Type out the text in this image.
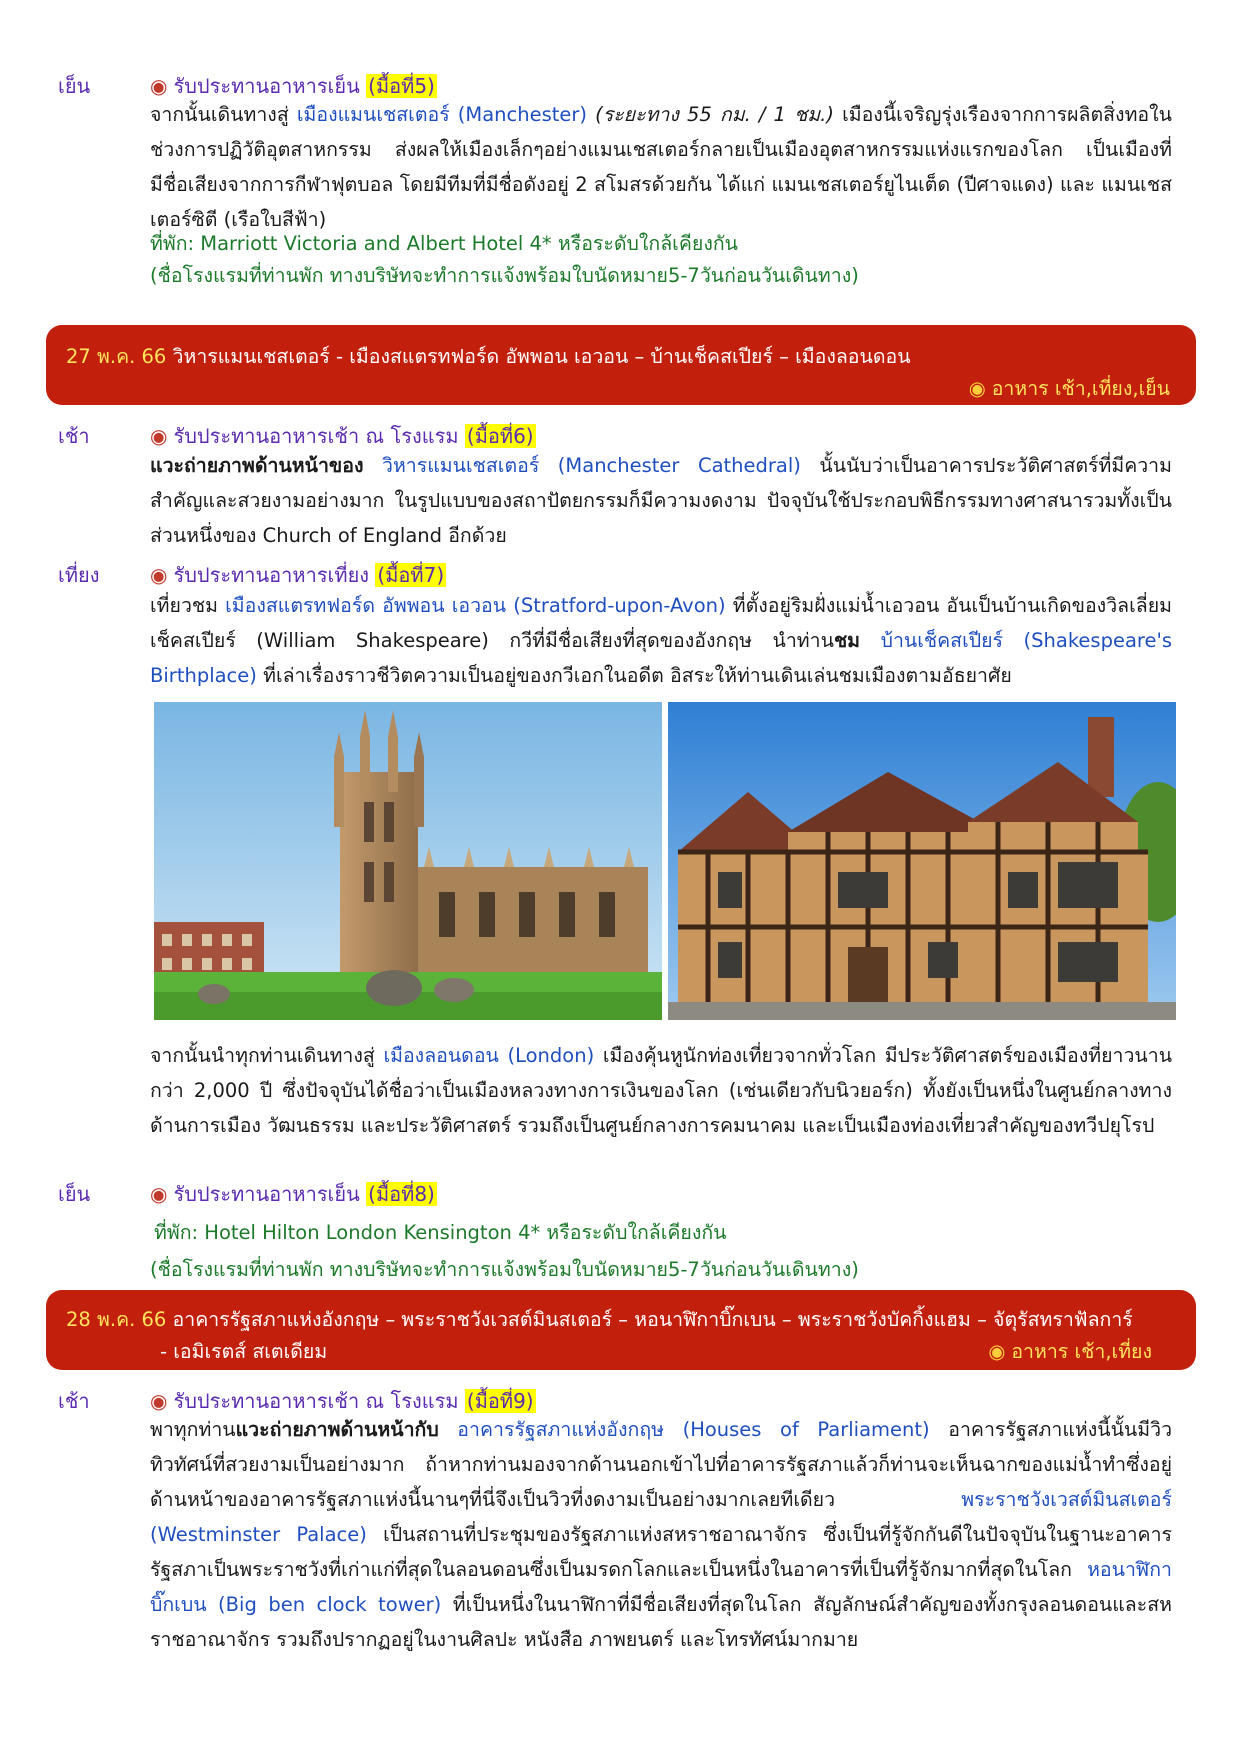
เย็น	◉ รับประทานอาหารเย็น (มื้อที่5)
จากนั้นเดินทางสู่ เมืองแมนเชสเตอร์ (Manchester) (ระยะทาง 55 กม. / 1 ชม.) เมืองนี้เจริญรุ่งเรืองจากการผลิตสิ่งทอในช่วงการปฏิวัติอุตสาหกรรม ส่งผลให้เมืองเล็กๆอย่างแมนเชสเตอร์กลายเป็นเมืองอุตสาหกรรมแห่งแรกของโลก เป็นเมืองที่มีชื่อเสียงจากการกีฬาฟุตบอล โดยมีทีมที่มีชื่อดังอยู่ 2 สโมสรด้วยกัน ได้แก่ แมนเชสเตอร์ยูไนเต็ด (ปีศาจแดง) และ แมนเชสเตอร์ซิตี (เรือใบสีฟ้า)
ที่พัก: Marriott Victoria and Albert Hotel 4* หรือระดับใกล้เคียงกัน
(ชื่อโรงแรมที่ท่านพัก ทางบริษัทจะทำการแจ้งพร้อมใบนัดหมาย5-7วันก่อนวันเดินทาง)
27 พ.ค. 66 วิหารแมนเชสเตอร์ - เมืองสแตรทฟอร์ด อัพพอน เอวอน – บ้านเช็คสเปียร์ – เมืองลอนดอน
◉ อาหาร เช้า,เที่ยง,เย็น
เช้า	◉ รับประทานอาหารเช้า ณ โรงแรม (มื้อที่6)
แวะถ่ายภาพด้านหน้าของ วิหารแมนเชสเตอร์ (Manchester Cathedral) นั้นนับว่าเป็นอาคารประวัติศาสตร์ที่มีความสำคัญและสวยงามอย่างมาก ในรูปแบบของสถาปัตยกรรมก็มีความงดงาม ปัจจุบันใช้ประกอบพิธีกรรมทางศาสนารวมทั้งเป็นส่วนหนึ่งของ Church of England อีกด้วย
เที่ยง	◉ รับประทานอาหารเที่ยง (มื้อที่7)
เที่ยวชม เมืองสแตรทฟอร์ด อัพพอน เอวอน (Stratford-upon-Avon) ที่ตั้งอยู่ริมฝั่งแม่น้ำเอวอน อันเป็นบ้านเกิดของวิลเลี่ยม เช็คสเปียร์ (William Shakespeare) กวีที่มีชื่อเสียงที่สุดของอังกฤษ นำท่านชม บ้านเช็คสเปียร์ (Shakespeare's Birthplace) ที่เล่าเรื่องราวชีวิตความเป็นอยู่ของกวีเอกในอดีต อิสระให้ท่านเดินเล่นชมเมืองตามอัธยาศัย
จากนั้นนำทุกท่านเดินทางสู่ เมืองลอนดอน (London) เมืองคุ้นหูนักท่องเที่ยวจากทั่วโลก มีประวัติศาสตร์ของเมืองที่ยาวนานกว่า 2,000 ปี ซึ่งปัจจุบันได้ชื่อว่าเป็นเมืองหลวงทางการเงินของโลก (เช่นเดียวกับนิวยอร์ก) ทั้งยังเป็นหนึ่งในศูนย์กลางทางด้านการเมือง วัฒนธรรม และประวัติศาสตร์ รวมถึงเป็นศูนย์กลางการคมนาคม และเป็นเมืองท่องเที่ยวสำคัญของทวีปยุโรป
เย็น	◉ รับประทานอาหารเย็น (มื้อที่8)
ที่พัก: Hotel Hilton London Kensington 4* หรือระดับใกล้เคียงกัน
(ชื่อโรงแรมที่ท่านพัก ทางบริษัทจะทำการแจ้งพร้อมใบนัดหมาย5-7วันก่อนวันเดินทาง)
28 พ.ค. 66 อาคารรัฐสภาแห่งอังกฤษ – พระราชวังเวสต์มินสเตอร์ – หอนาฬิกาบิ๊กเบน – พระราชวังบัคกิ้งแฮม – จัตุรัสทราฟัลการ์
- เอมิเรตส์ สเตเดียม	◉ อาหาร เช้า,เที่ยง
เช้า	◉ รับประทานอาหารเช้า ณ โรงแรม (มื้อที่9)
พาทุกท่านแวะถ่ายภาพด้านหน้ากับ อาคารรัฐสภาแห่งอังกฤษ (Houses of Parliament) อาคารรัฐสภาแห่งนี้นั้นมีวิวทิวทัศน์ที่สวยงามเป็นอย่างมาก ถ้าหากท่านมองจากด้านนอกเข้าไปที่อาคารรัฐสภาแล้วก็ท่านจะเห็นฉากของแม่น้ำทำซึ่งอยู่ด้านหน้าของอาคารรัฐสภาแห่งนี้นานๆที่นี่จึงเป็นวิวที่งดงามเป็นอย่างมากเลยทีเดียว	พระราชวังเวสต์มินสเตอร์ (Westminster Palace) เป็นสถานที่ประชุมของรัฐสภาแห่งสหราชอาณาจักร ซึ่งเป็นที่รู้จักกันดีในปัจจุบันในฐานะอาคารรัฐสภาเป็นพระราชวังที่เก่าแก่ที่สุดในลอนดอนซึ่งเป็นมรดกโลกและเป็นหนึ่งในอาคารที่เป็นที่รู้จักมากที่สุดในโลก หอนาฬิกาบิ๊กเบน (Big ben clock tower) ที่เป็นหนึ่งในนาฬิกาที่มีชื่อเสียงที่สุดในโลก สัญลักษณ์สำคัญของทั้งกรุงลอนดอนและสหราชอาณาจักร รวมถึงปรากฏอยู่ในงานศิลปะ หนังสือ ภาพยนตร์ และโทรทัศน์มากมาย
